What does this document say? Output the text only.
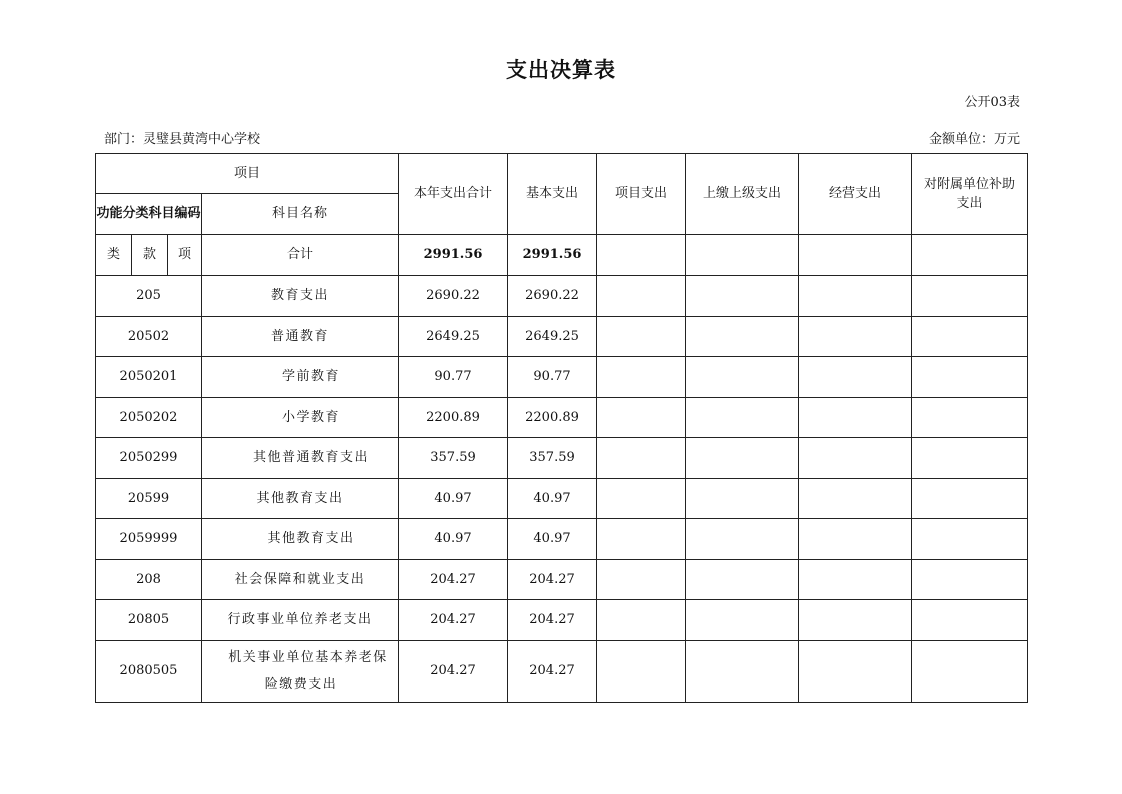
支出决算表
公开03表
部门：灵璧县黄湾中心学校	金额单位：万元
项目				本年支出合计	基本支出	项目支出	上缴上级支出	经营支出	对附属单位补助支出
功能分类科目编码			科目名称						
类	款	项	合计	2991.56	2991.56				
205			教育支出	2690.22	2690.22				
20502			普通教育	2649.25	2649.25				
2050201			学前教育	90.77	90.77				
2050202			小学教育	2200.89	2200.89				
2050299			其他普通教育支出	357.59	357.59				
20599			其他教育支出	40.97	40.97				
2059999			其他教育支出	40.97	40.97				
208			社会保障和就业支出	204.27	204.27				
20805			行政事业单位养老支出	204.27	204.27				
2080505			机关事业单位基本养老保
险缴费支出	204.27	204.27				
